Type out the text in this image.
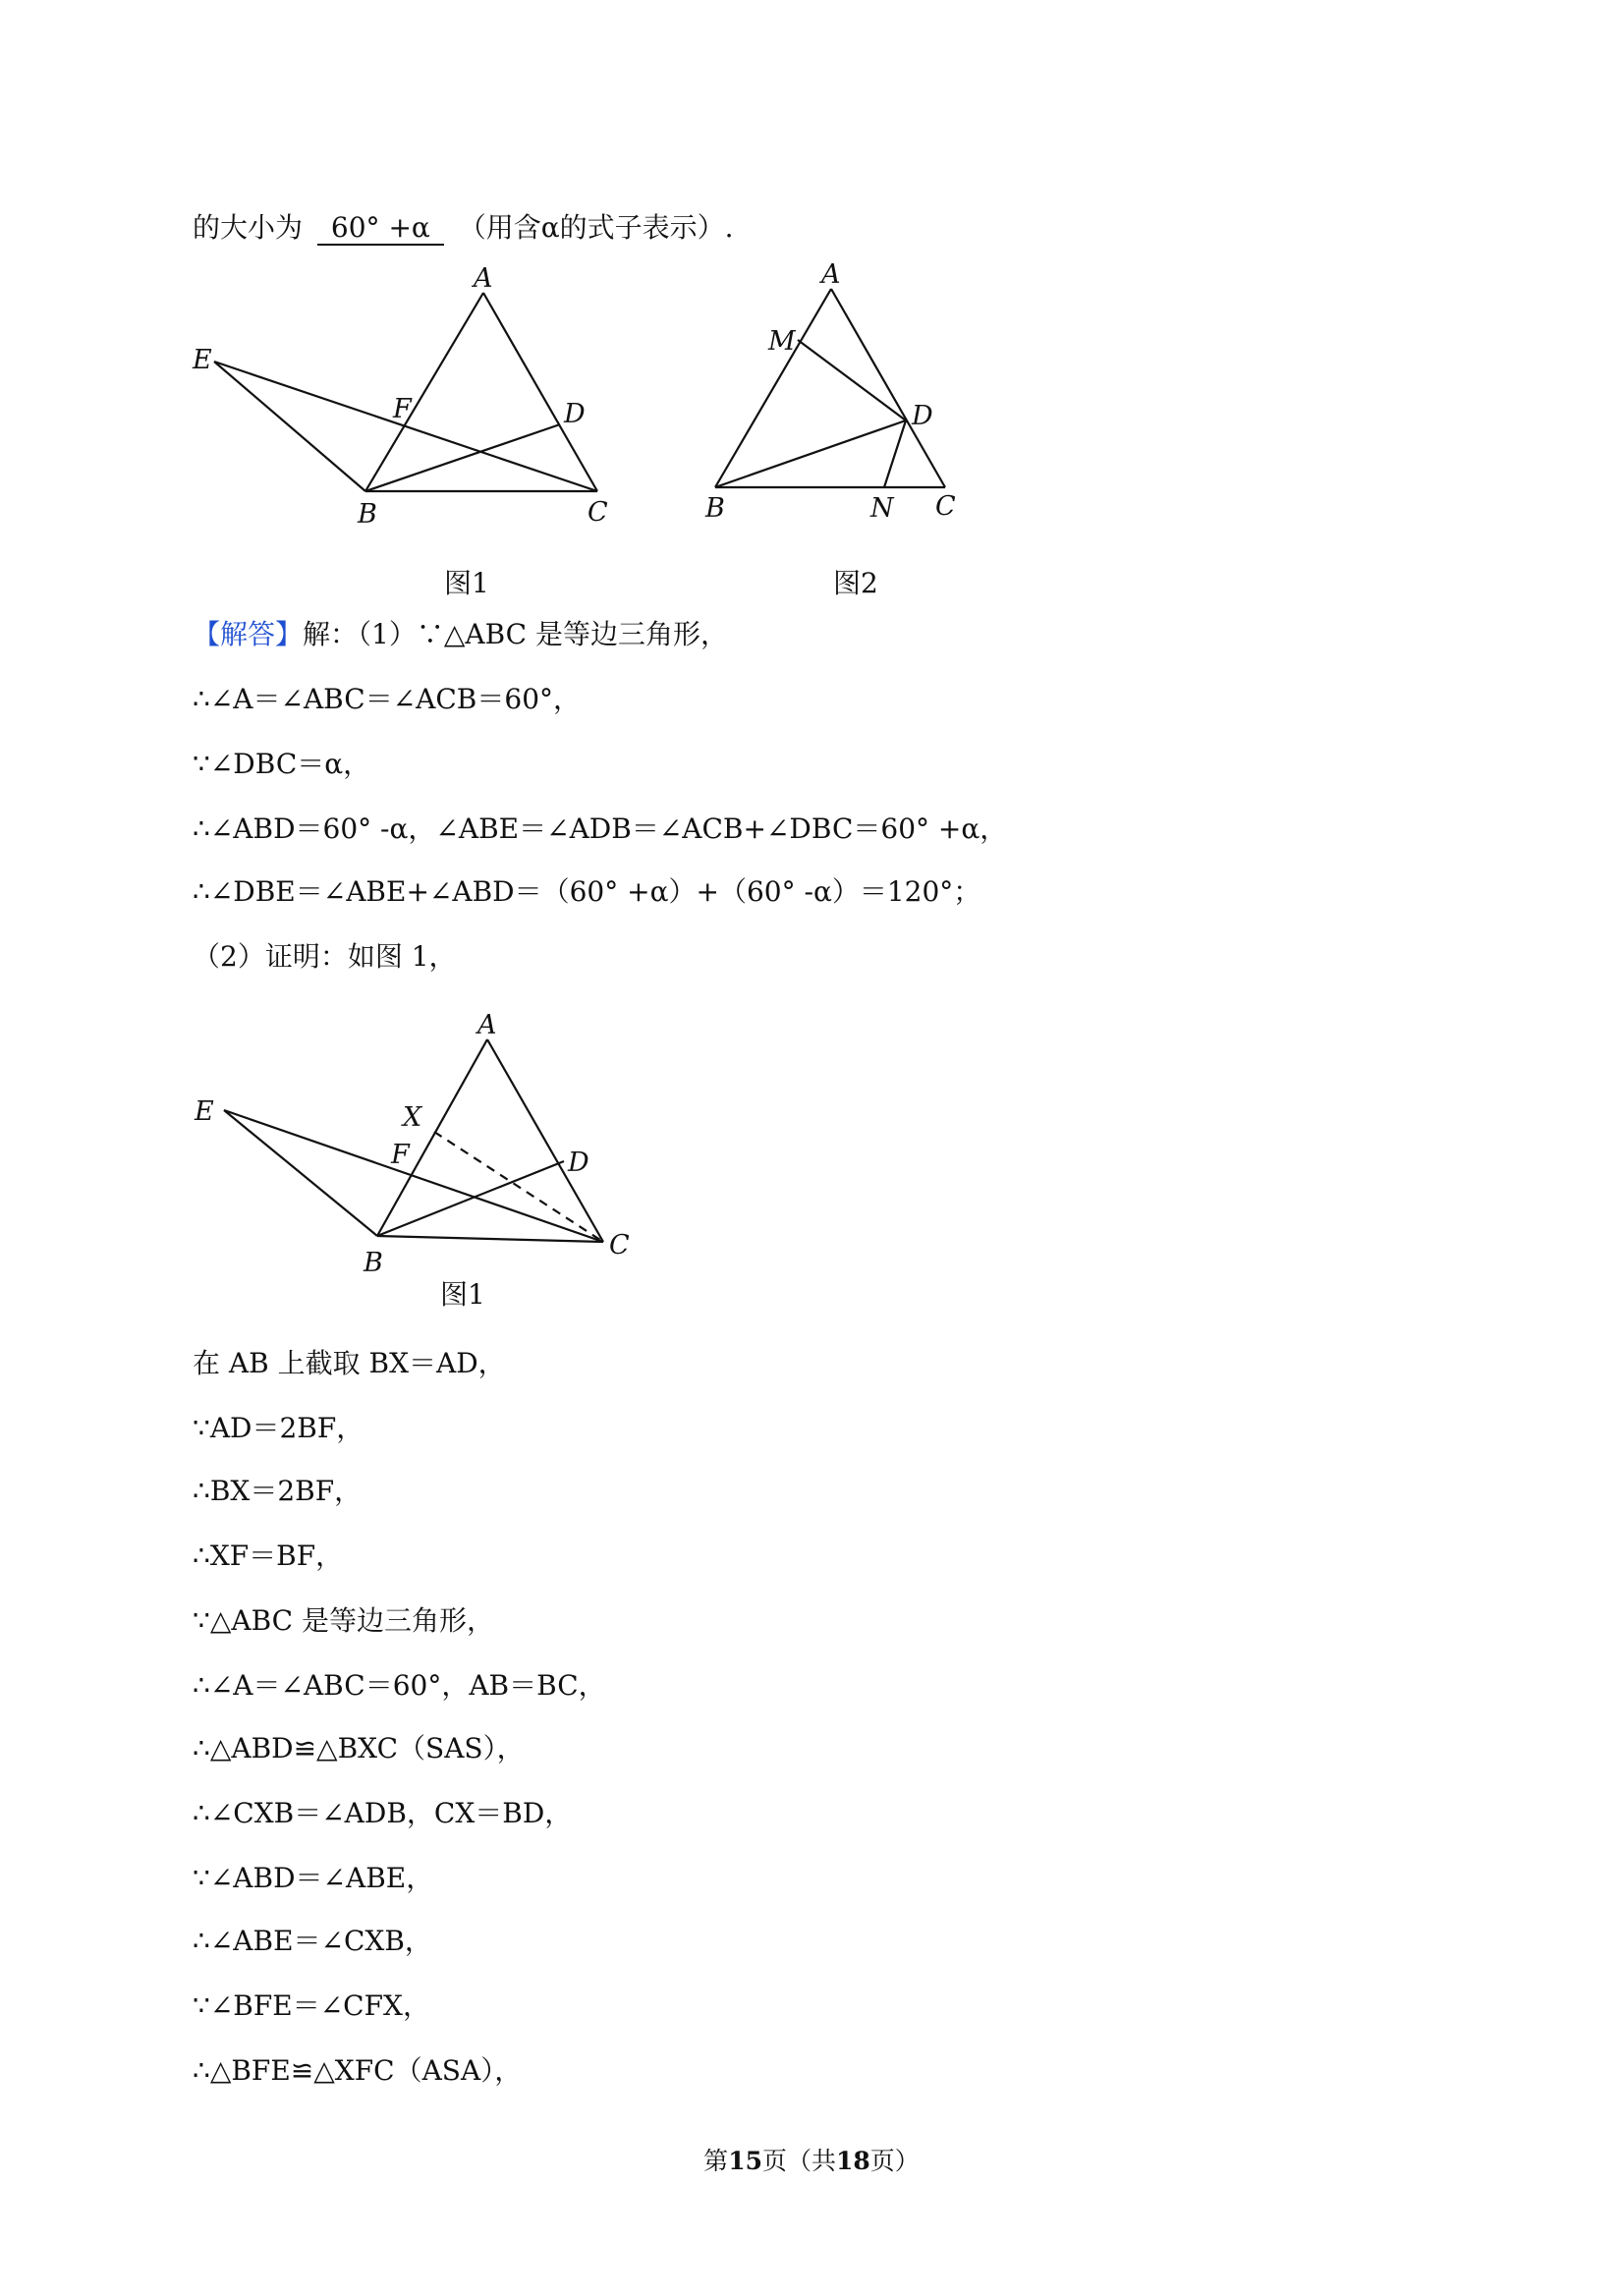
的大小为 60° +α （用含α的式子表示）.
A
E
F	D
B	C
图1
A
M
D
B	N C
图2
【解答】解：（1）∵△ABC 是等边三角形，
∴∠A＝∠ABC＝∠ACB＝60°，
∵∠DBC＝α，
∴∠ABD＝60° -α，∠ABE＝∠ADB＝∠ACB+∠DBC＝60° +α，
∴∠DBE＝∠ABE+∠ABD＝（60° +α）+（60° -α）＝120°；
（2）证明：如图 1，
A
E	X
F	D
B
C
图1
在 AB 上截取 BX＝AD，
∵AD＝2BF，
∴BX＝2BF，
∴XF＝BF，
∵△ABC 是等边三角形，
∴∠A＝∠ABC＝60°，AB＝BC，
∴△ABD≌△BXC（SAS），
∴∠CXB＝∠ADB，CX＝BD，
∵∠ABD＝∠ABE，
∴∠ABE＝∠CXB，
∵∠BFE＝∠CFX，
∴△BFE≌△XFC（ASA），
第15页（共18页）
